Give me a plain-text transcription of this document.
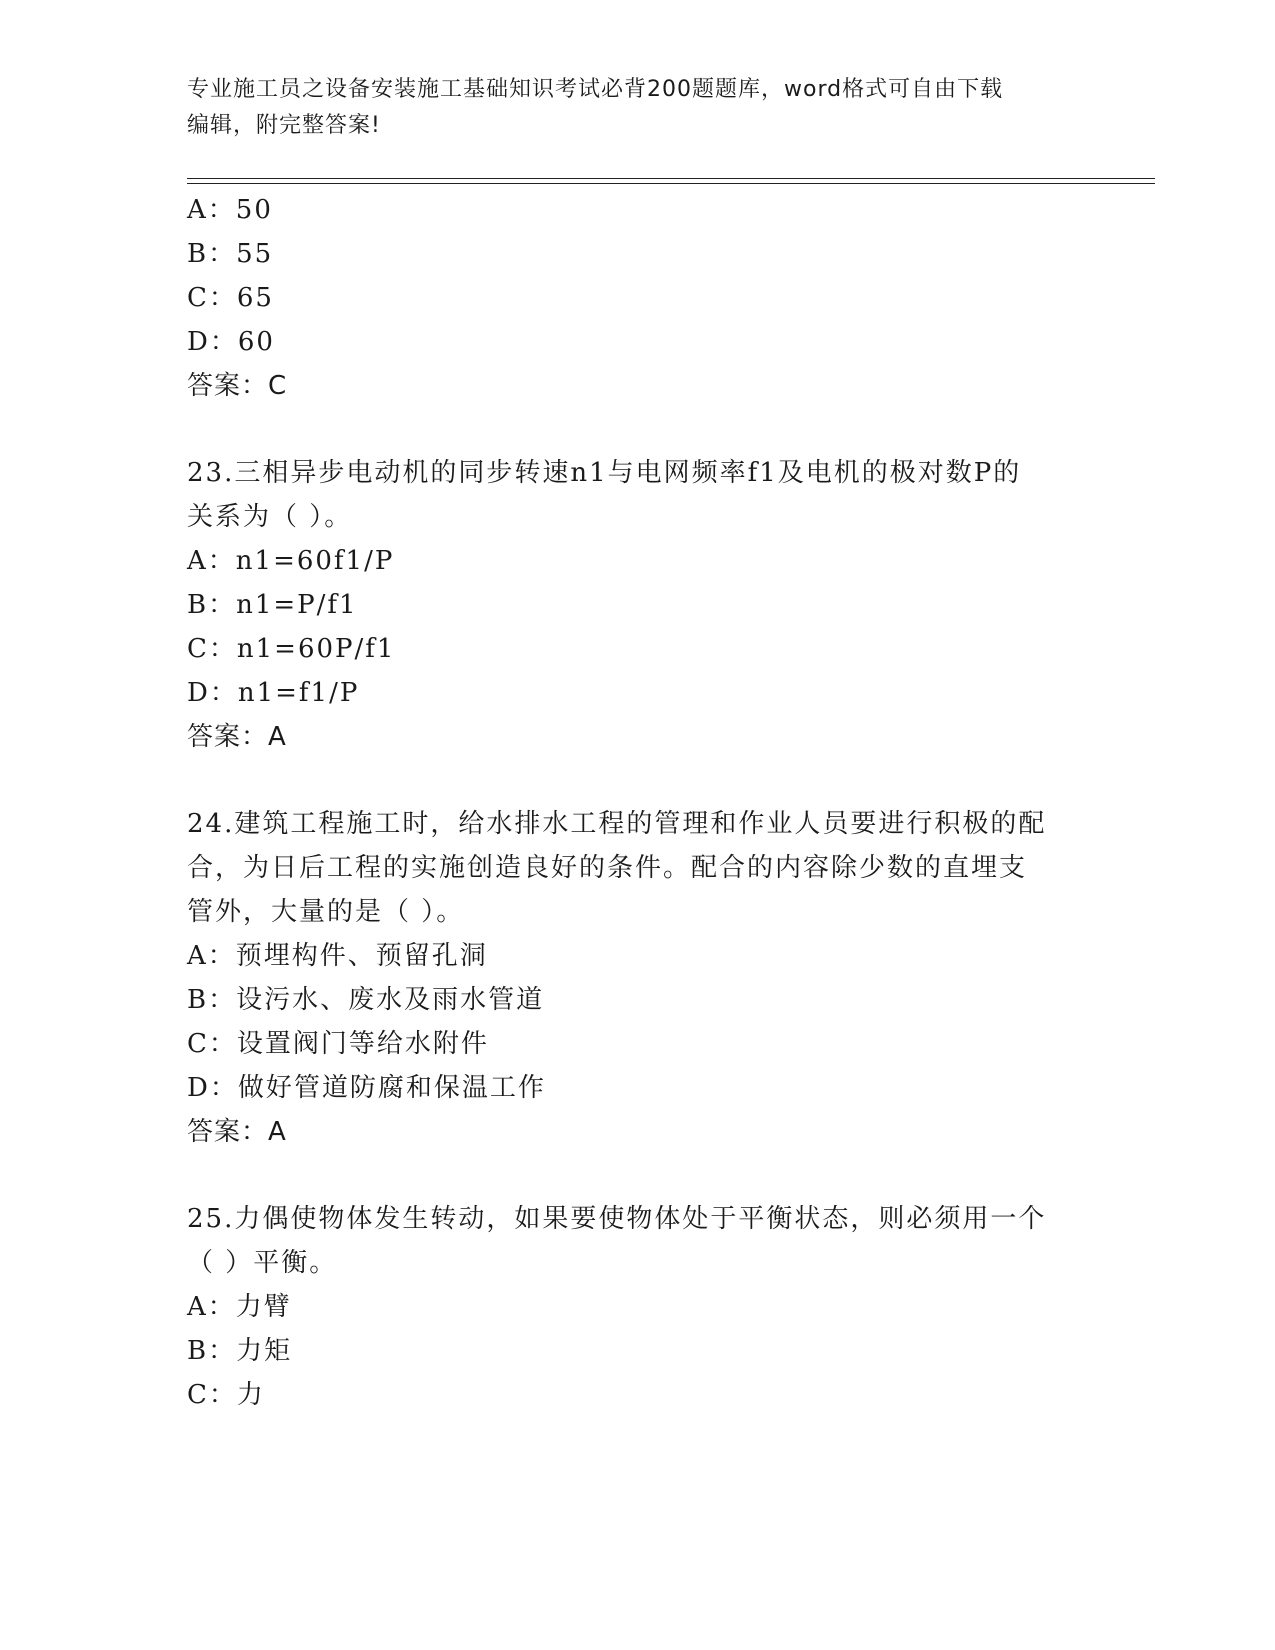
专业施工员之设备安装施工基础知识考试必背200题题库，word格式可自由下载
编辑，附完整答案!
A：50
B：55
C：65
D：60
答案：C
23.三相异步电动机的同步转速n1与电网频率f1及电机的极对数P的
关系为（ ）。
A：n1=60f1/P
B：n1=P/f1
C：n1=60P/f1
D：n1=f1/P
答案：A
24.建筑工程施工时，给水排水工程的管理和作业人员要进行积极的配
合，为日后工程的实施创造良好的条件。配合的内容除少数的直埋支
管外，大量的是（ ）。
A：预埋构件、预留孔洞
B：设污水、废水及雨水管道
C：设置阀门等给水附件
D：做好管道防腐和保温工作
答案：A
25.力偶使物体发生转动，如果要使物体处于平衡状态，则必须用一个
（ ）平衡。
A：力臂
B：力矩
C：力
